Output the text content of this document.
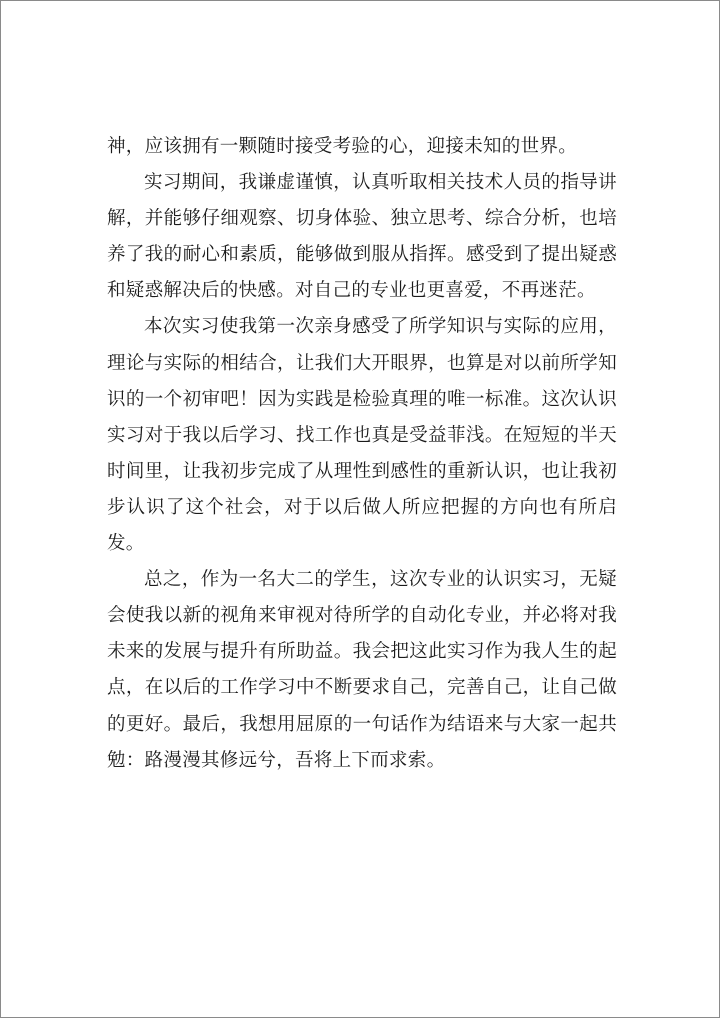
神，应该拥有一颗随时接受考验的心，迎接未知的世界。

实习期间，我谦虚谨慎，认真听取相关技术人员的指导讲解，并能够仔细观察、切身体验、独立思考、综合分析，也培养了我的耐心和素质，能够做到服从指挥。感受到了提出疑惑和疑惑解决后的快感。对自己的专业也更喜爱，不再迷茫。

本次实习使我第一次亲身感受了所学知识与实际的应用，理论与实际的相结合，让我们大开眼界，也算是对以前所学知识的一个初审吧！因为实践是检验真理的唯一标准。这次认识实习对于我以后学习、找工作也真是受益菲浅。在短短的半天时间里，让我初步完成了从理性到感性的重新认识，也让我初步认识了这个社会，对于以后做人所应把握的方向也有所启发。

总之，作为一名大二的学生，这次专业的认识实习，无疑会使我以新的视角来审视对待所学的自动化专业，并必将对我未来的发展与提升有所助益。我会把这此实习作为我人生的起点，在以后的工作学习中不断要求自己，完善自己，让自己做的更好。最后，我想用屈原的一句话作为结语来与大家一起共勉：路漫漫其修远兮，吾将上下而求索。
